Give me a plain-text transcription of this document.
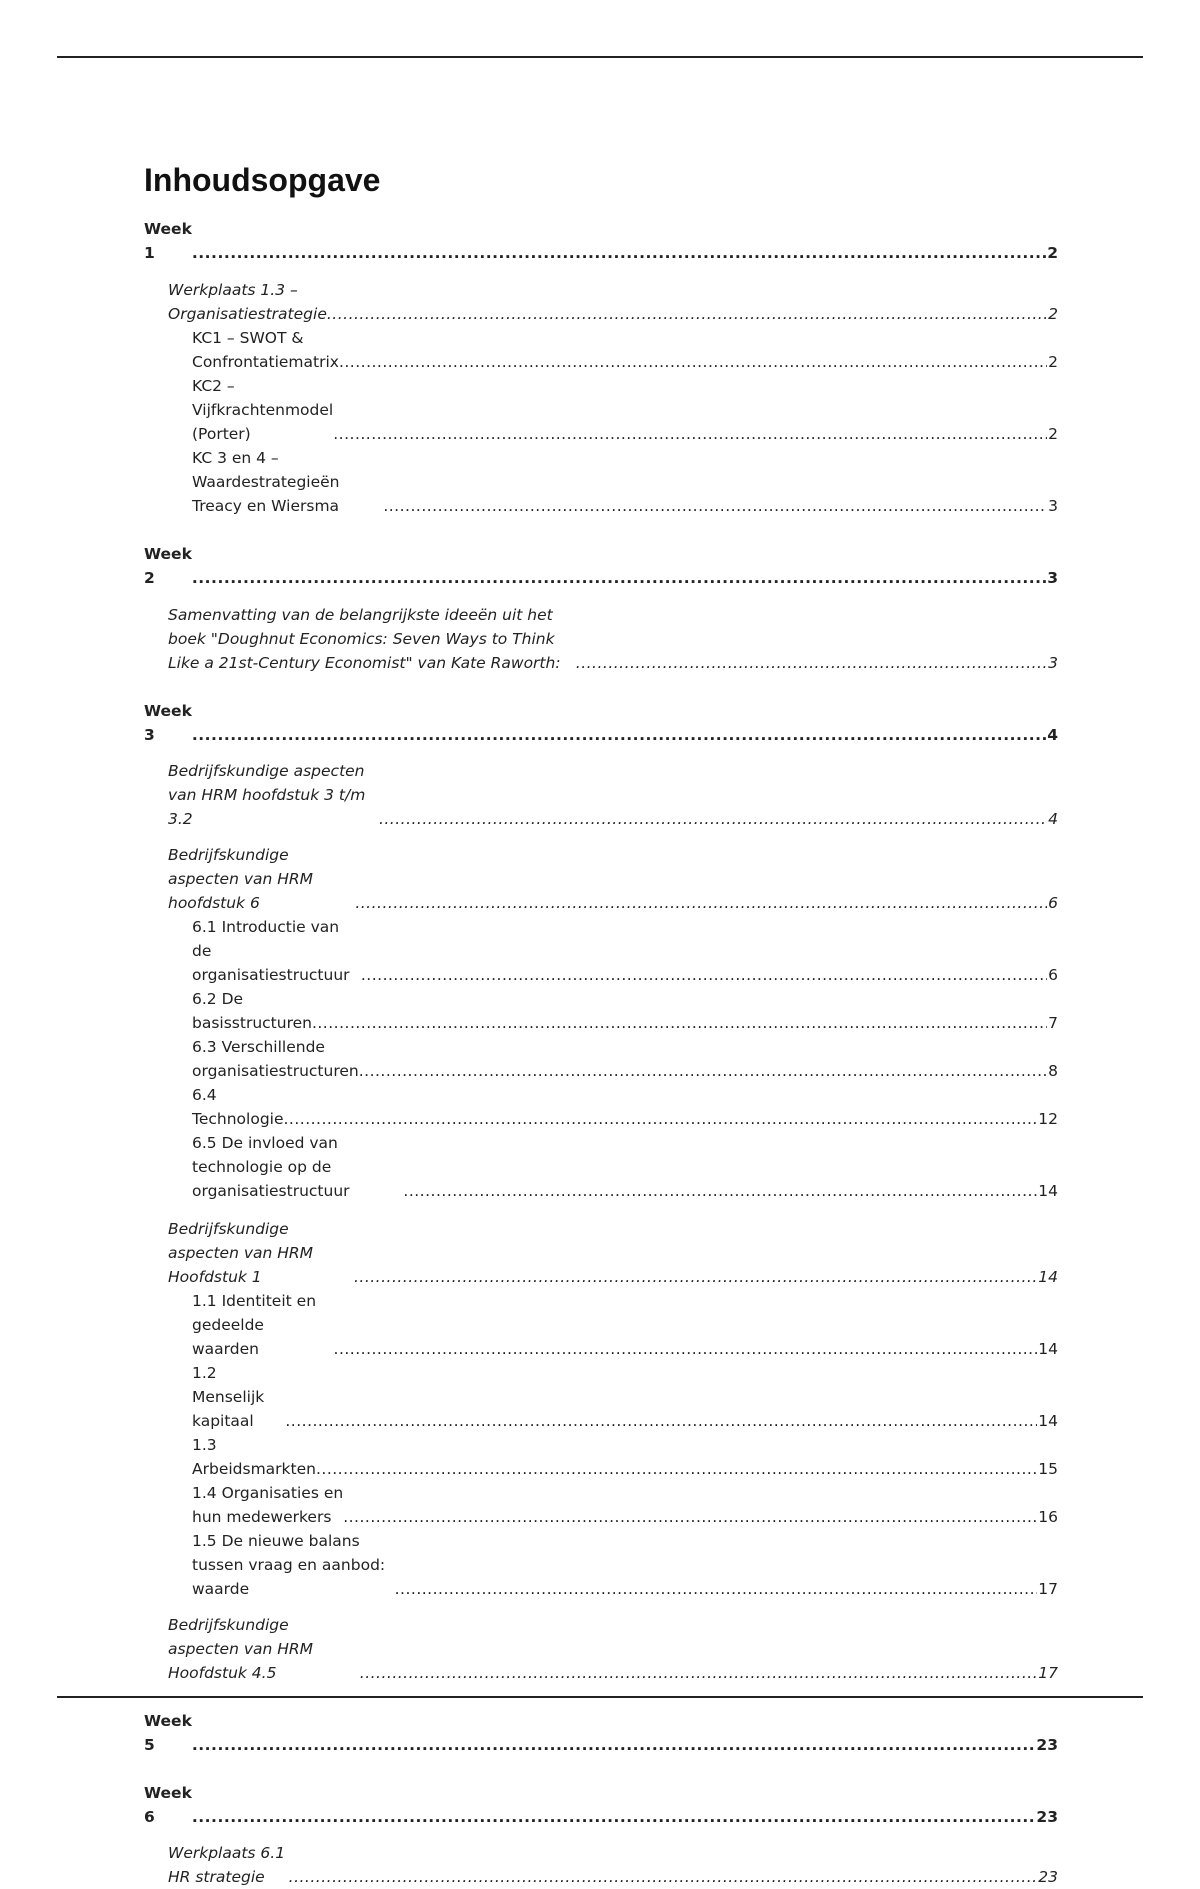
Inhoudsopgave
Week 1 .....	2
Werkplaats 1.3 – Organisatiestrategie .....	2
KC1 – SWOT & Confrontatiematrix .....	2
KC2 – Vijfkrachtenmodel (Porter) .....	2
KC 3 en 4 – Waardestrategieën Treacy en Wiersma .....	3
Week 2 .....	3
Samenvatting van de belangrijkste ideeën uit het boek "Doughnut Economics: Seven Ways to Think Like a 21st-Century Economist" van Kate Raworth: .....	3
Week 3 .....	4
Bedrijfskundige aspecten van HRM hoofdstuk 3 t/m 3.2 .....	4
Bedrijfskundige aspecten van HRM hoofdstuk 6 .....	6
6.1 Introductie van de organisatiestructuur .....	6
6.2 De basisstructuren .....	7
6.3 Verschillende organisatiestructuren .....	8
6.4 Technologie .....	12
6.5 De invloed van technologie op de organisatiestructuur .....	14
Bedrijfskundige aspecten van HRM Hoofdstuk 1 .....	14
1.1 Identiteit en gedeelde waarden .....	14
1.2 Menselijk kapitaal .....	14
1.3 Arbeidsmarkten .....	15
1.4 Organisaties en hun medewerkers .....	16
1.5 De nieuwe balans tussen vraag en aanbod: waarde .....	17
Bedrijfskundige aspecten van HRM Hoofdstuk 4.5 .....	17
Week 5 .....	23
Week 6 .....	23
Werkplaats 6.1 HR strategie .....	23
